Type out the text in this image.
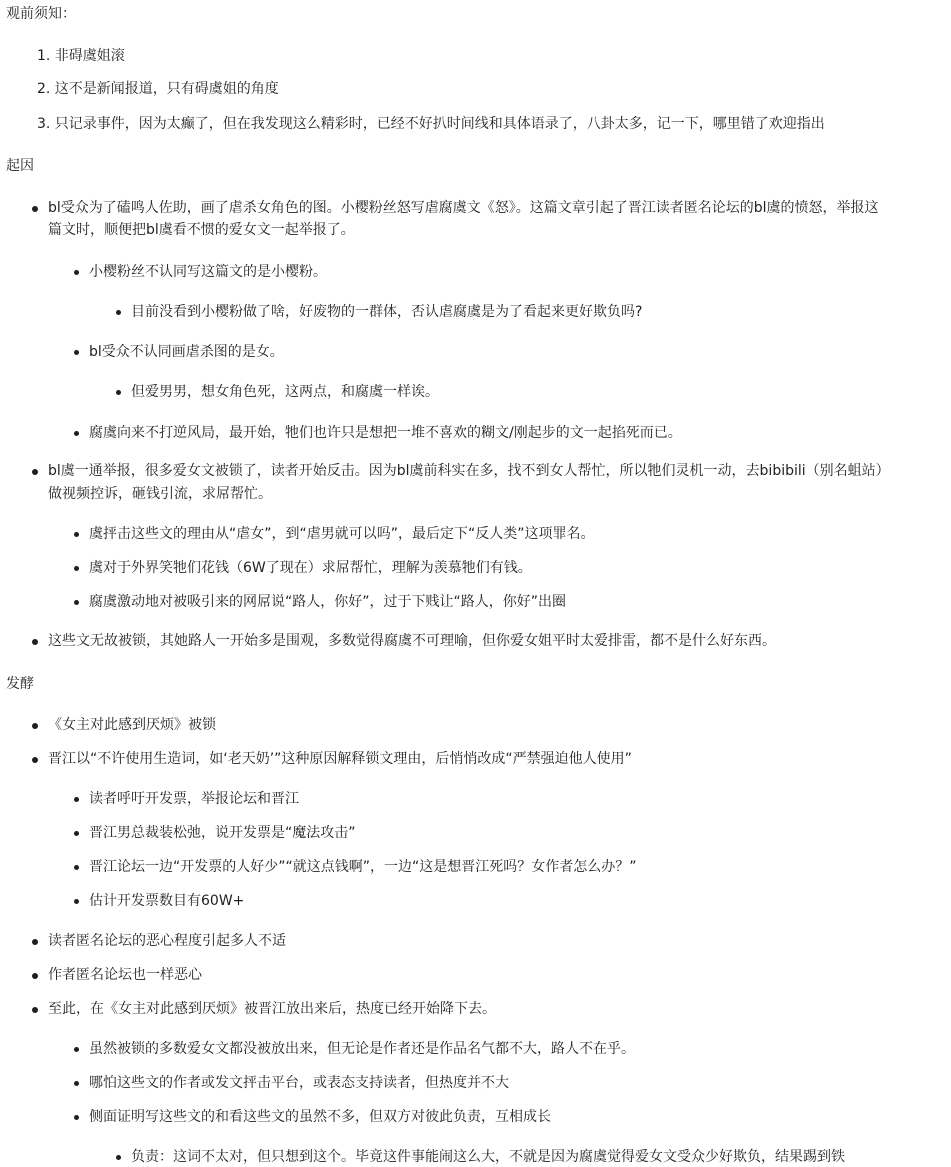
观前须知：
1. 非碍虞姐滚
2. 这不是新闻报道，只有碍虞姐的角度
3. 只记录事件，因为太癫了，但在我发现这么精彩时，已经不好扒时间线和具体语录了，八卦太多，记一下，哪里错了欢迎指出
起因
bl受众为了磕鸣人佐助，画了虐杀女角色的图。小樱粉丝怒写虐腐虞文《怒》。这篇文章引起了晋江读者匿名论坛的bl虞的愤怒，举报这
篇文时，顺便把bl虞看不惯的爱女文一起举报了。
小樱粉丝不认同写这篇文的是小樱粉。
目前没看到小樱粉做了啥，好废物的一群体，否认虐腐虞是为了看起来更好欺负吗?
bl受众不认同画虐杀图的是女。
但爱男男，想女角色死，这两点，和腐虞一样诶。
腐虞向来不打逆风局，最开始，牠们也许只是想把一堆不喜欢的糊文/刚起步的文一起掐死而已。
bl虞一通举报，很多爱女文被锁了，读者开始反击。因为bl虞前科实在多，找不到女人帮忙，所以牠们灵机一动，去bibibili（别名蛆站）
做视频控诉，砸钱引流，求屌帮忙。
虞抨击这些文的理由从“虐女”，到“虐男就可以吗”，最后定下“反人类”这项罪名。
虞对于外界笑牠们花钱（6W了现在）求屌帮忙，理解为羡慕牠们有钱。
腐虞激动地对被吸引来的网屌说“路人，你好”，过于下贱让“路人，你好”出圈
这些文无故被锁，其她路人一开始多是围观，多数觉得腐虞不可理喻，但你爱女姐平时太爱排雷，都不是什么好东西。
发酵
《女主对此感到厌烦》被锁
晋江以“不许使用生造词，如‘老天奶’”这种原因解释锁文理由，后悄悄改成“严禁强迫他人使用”
读者呼吁开发票，举报论坛和晋江
晋江男总裁装松弛，说开发票是“魔法攻击”
晋江论坛一边“开发票的人好少”“就这点钱啊”，一边“这是想晋江死吗？女作者怎么办？”
估计开发票数目有60W+
读者匿名论坛的恶心程度引起多人不适
作者匿名论坛也一样恶心
至此，在《女主对此感到厌烦》被晋江放出来后，热度已经开始降下去。
虽然被锁的多数爱女文都没被放出来，但无论是作者还是作品名气都不大，路人不在乎。
哪怕这些文的作者或发文抨击平台，或表态支持读者，但热度并不大
侧面证明写这些文的和看这些文的虽然不多，但双方对彼此负责，互相成长
负责：这词不太对，但只想到这个。毕竟这件事能闹这么大，不就是因为腐虞觉得爱女文受众少好欺负，结果踢到铁
